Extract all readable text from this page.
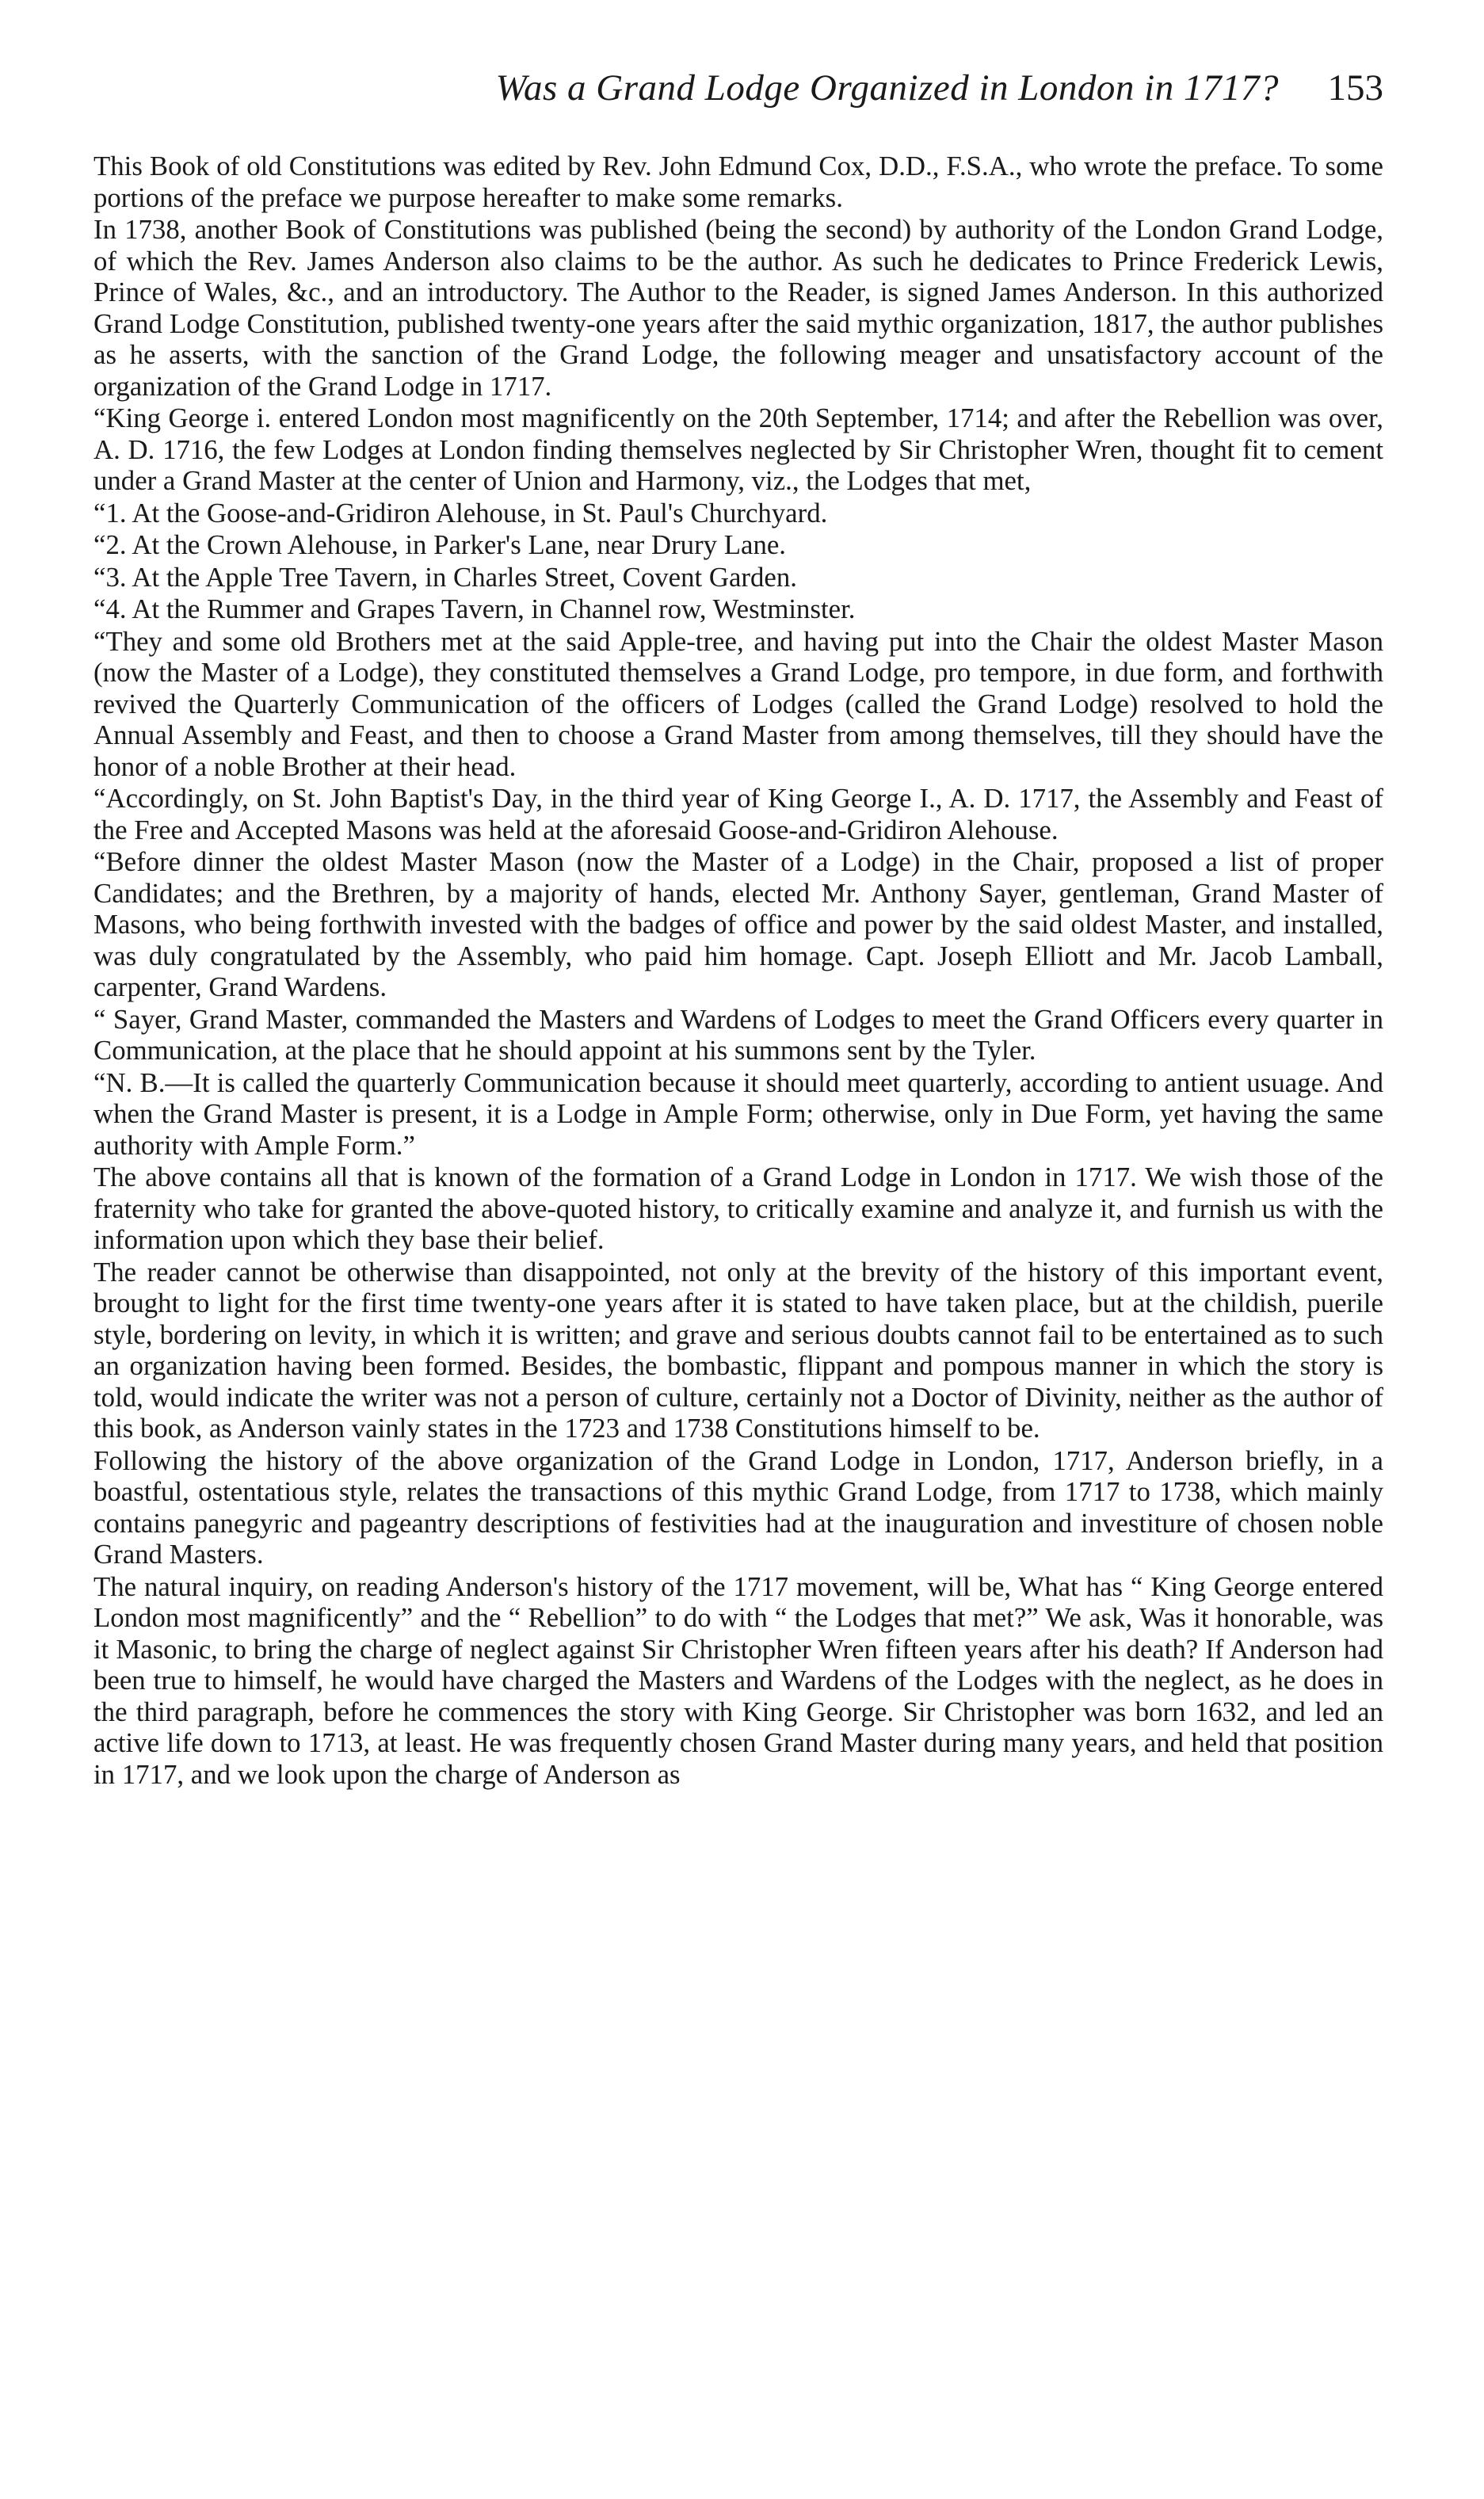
Was a Grand Lodge Organized in London in 1717? 153

This Book of old Constitutions was edited by Rev. John Edmund Cox, D.D., F.S.A., who wrote the preface. To some portions of the preface we purpose hereafter to make some remarks.

In 1738, another Book of Constitutions was published (being the second) by authority of the London Grand Lodge, of which the Rev. James Anderson also claims to be the author. As such he dedicates to Prince Frederick Lewis, Prince of Wales, &c., and an introductory. The Author to the Reader, is signed James Anderson. In this authorized Grand Lodge Constitution, published twenty-one years after the said mythic organization, 1817, the author publishes as he asserts, with the sanction of the Grand Lodge, the following meager and unsatisfactory account of the organization of the Grand Lodge in 1717.

“King George i. entered London most magnificently on the 20th September, 1714; and after the Rebellion was over, A. D. 1716, the few Lodges at London finding themselves neglected by Sir Christopher Wren, thought fit to cement under a Grand Master at the center of Union and Harmony, viz., the Lodges that met,

“1. At the Goose-and-Gridiron Alehouse, in St. Paul's Churchyard.

“2. At the Crown Alehouse, in Parker's Lane, near Drury Lane.

“3. At the Apple Tree Tavern, in Charles Street, Covent Garden.

“4. At the Rummer and Grapes Tavern, in Channel row, Westminster.

“They and some old Brothers met at the said Apple-tree, and having put into the Chair the oldest Master Mason (now the Master of a Lodge), they constituted themselves a Grand Lodge, pro tempore, in due form, and forthwith revived the Quarterly Communication of the officers of Lodges (called the Grand Lodge) resolved to hold the Annual Assembly and Feast, and then to choose a Grand Master from among themselves, till they should have the honor of a noble Brother at their head.

“Accordingly, on St. John Baptist's Day, in the third year of King George I., A. D. 1717, the Assembly and Feast of the Free and Accepted Masons was held at the aforesaid Goose-and-Gridiron Alehouse.

“Before dinner the oldest Master Mason (now the Master of a Lodge) in the Chair, proposed a list of proper Candidates; and the Brethren, by a majority of hands, elected Mr. Anthony Sayer, gentleman, Grand Master of Masons, who being forthwith invested with the badges of office and power by the said oldest Master, and installed, was duly congratulated by the Assembly, who paid him homage. Capt. Joseph Elliott and Mr. Jacob Lamball, carpenter, Grand Wardens.

“ Sayer, Grand Master, commanded the Masters and Wardens of Lodges to meet the Grand Officers every quarter in Communication, at the place that he should appoint at his summons sent by the Tyler.

“N. B.—It is called the quarterly Communication because it should meet quarterly, according to antient usuage. And when the Grand Master is present, it is a Lodge in Ample Form; otherwise, only in Due Form, yet having the same authority with Ample Form.”

The above contains all that is known of the formation of a Grand Lodge in London in 1717. We wish those of the fraternity who take for granted the above-quoted history, to critically examine and analyze it, and furnish us with the information upon which they base their belief.

The reader cannot be otherwise than disappointed, not only at the brevity of the history of this important event, brought to light for the first time twenty-one years after it is stated to have taken place, but at the childish, puerile style, bordering on levity, in which it is written; and grave and serious doubts cannot fail to be entertained as to such an organization having been formed. Besides, the bombastic, flippant and pompous manner in which the story is told, would indicate the writer was not a person of culture, certainly not a Doctor of Divinity, neither as the author of this book, as Anderson vainly states in the 1723 and 1738 Constitutions himself to be.

Following the history of the above organization of the Grand Lodge in London, 1717, Anderson briefly, in a boastful, ostentatious style, relates the transactions of this mythic Grand Lodge, from 1717 to 1738, which mainly contains panegyric and pageantry descriptions of festivities had at the inauguration and investiture of chosen noble Grand Masters.

The natural inquiry, on reading Anderson's history of the 1717 movement, will be, What has “ King George entered London most magnificently” and the “ Rebellion” to do with “ the Lodges that met?” We ask, Was it honorable, was it Masonic, to bring the charge of neglect against Sir Christopher Wren fifteen years after his death? If Anderson had been true to himself, he would have charged the Masters and Wardens of the Lodges with the neglect, as he does in the third paragraph, before he commences the story with King George. Sir Christopher was born 1632, and led an active life down to 1713, at least. He was frequently chosen Grand Master during many years, and held that position in 1717, and we look upon the charge of Anderson as
